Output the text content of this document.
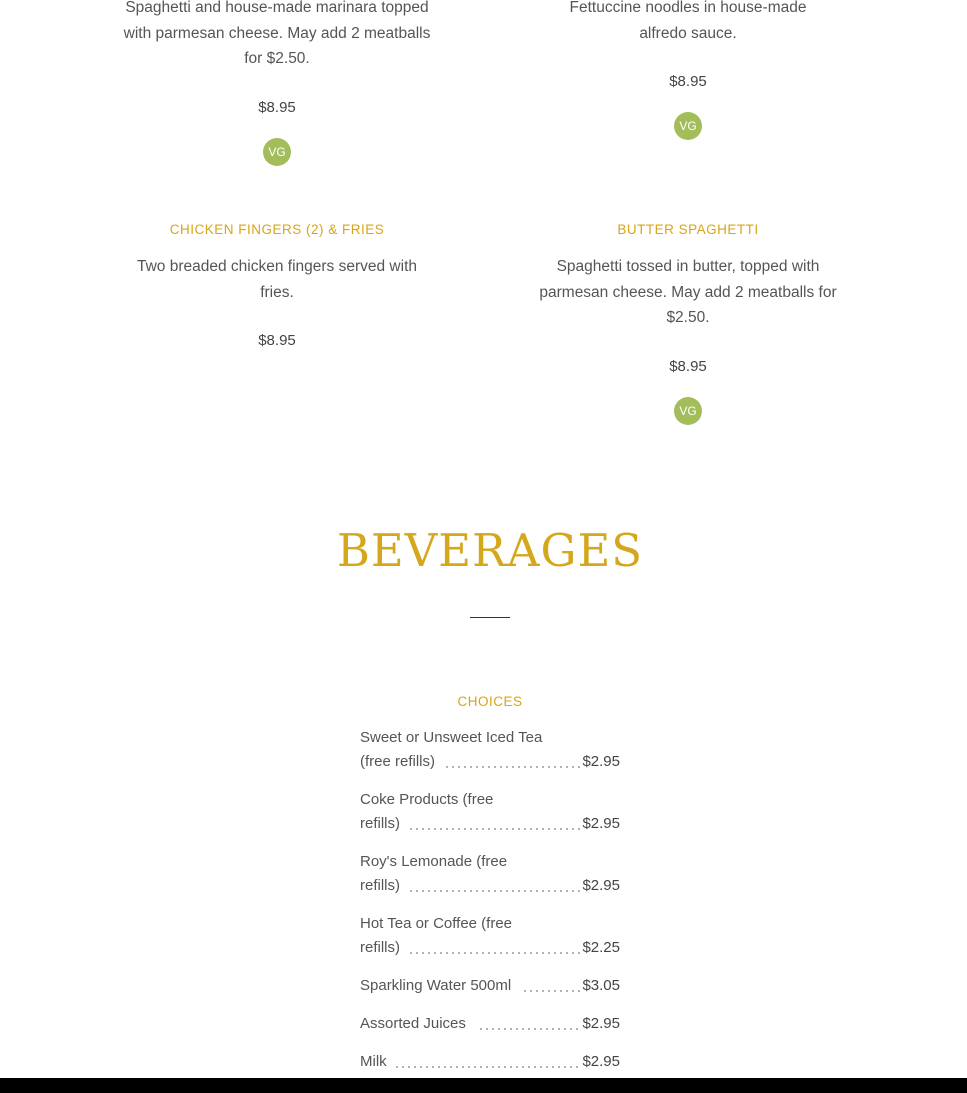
Spaghetti and house-made marinara topped with parmesan cheese. May add 2 meatballs for $2.50.

$8.95
VG

Fettuccine noodles in house-made alfredo sauce.

$8.95
VG
CHICKEN FINGERS (2) & FRIES

Two breaded chicken fingers served with fries.

$8.95
BUTTER SPAGHETTI

Spaghetti tossed in butter, topped with parmesan cheese. May add 2 meatballs for $2.50.

$8.95
VG
BEVERAGES
CHOICES
Sweet or Unsweet Iced Tea
(free refills)	$2.95
Coke Products (free
refills)	$2.95
Roy's Lemonade (free
refills)	$2.95
Hot Tea or Coffee (free
refills)	$2.25
Sparkling Water 500ml	$3.05
Assorted Juices	$2.95
Milk	$2.95
